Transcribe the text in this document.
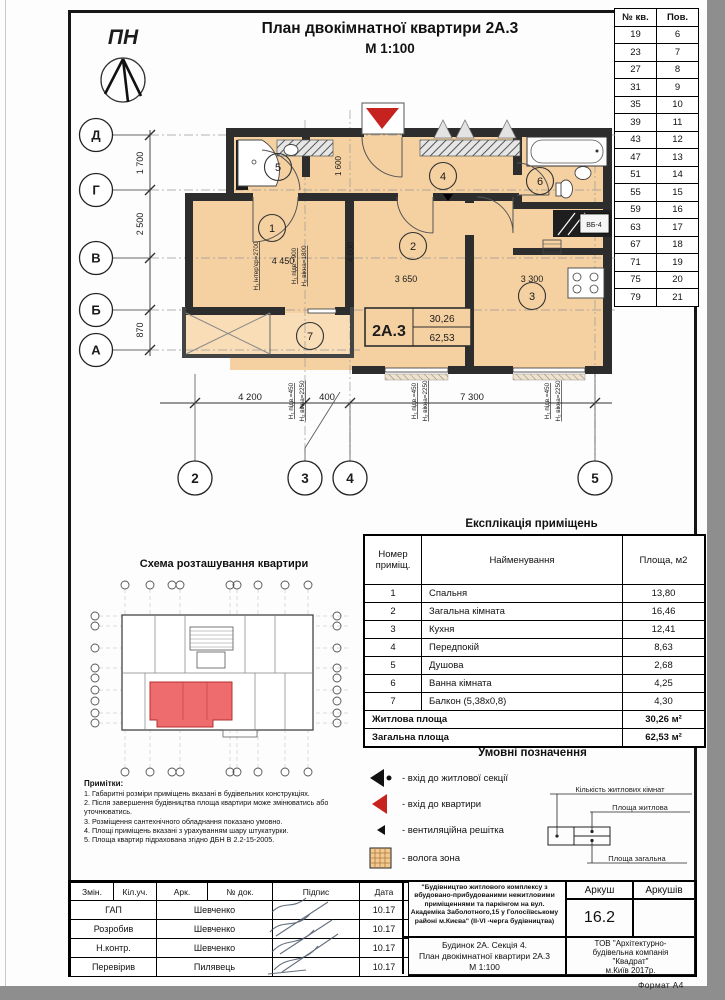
План двокімнатної квартири 2А.3
М 1:100
ПН
№ кв.	Пов.
19	6
23	7
27	8
31	9
35	10
39	11
43	12
47	13
51	14
55	15
59	16
63	17
67	18
71	19
75	20
79	21
ВБ-4
2А.3
30,26
62,53
1
2
3
4
5
6
7
1 700
2 500
870
Д
Г
В
Б
А
4 200	400	7 300
2	3	4	5
4 450
3 650	3 300
1 600
4 600
Н₁ інтер'єр=2700	Н₁ підв.=900 Н₂ вікна=1800
Н₁ підв.=450 Н₂ вікна=2250	Н₁ підв.=450 Н₂ вікна=2250	Н₁ підв.=450 Н₂ вікна=2250
Експлікація приміщень
Номер приміщ.	Найменування	Площа, м2
1	Спальня	13,80
2	Загальна кімната	16,46
3	Кухня	12,41
4	Передпокій	8,63
5	Душова	2,68
6	Ванна кімната	4,25
7	Балкон (5,38х0,8)	4,30
Житлова площа		30,26 м²
Загальна площа		62,53 м²
Схема розташування квартири
Умовні позначення
- вхід до житлової секції
- вхід до квартири
- вентиляційна решітка
- волога зона
Кількість житлових кімнат
Площа житлова
Площа загальна
Примітки:
1. Габаритні розміри приміщень вказані в будівельних конструкціях.
2. Після завершення будівництва площа квартири може змінюватись або уточнюватись.
3. Розміщення сантехнічного обладнання показано умовно.
4. Площі приміщень вказані з урахуванням шару штукатурки.
5. Площа квартир підрахована згідно ДБН В 2.2-15-2005.
Змін.	Кіл.уч.	Арк.	№ док.	Підпис	Дата
ГАП		Шевченко			10.17
Розробив		Шевченко			10.17
Н.контр.		Шевченко			10.17
Перевірив		Пилявець			10.17
"Будівництво житлового комплексу з вбудовано-прибудованими нежитловими приміщеннями та паркінгом на вул. Академіка Заболотного,15 у Голосіївському районі м.Києва" (ІІ-VІ -черга будівництва)
Аркуш	Аркушів
16.2
Будинок 2А. Секція 4.
План двокімнатної квартири 2А.3
М 1:100
ТОВ "Архітектурно-
будівельна компанія
"Квадрат"
м.Київ 2017р.
Формат А4
